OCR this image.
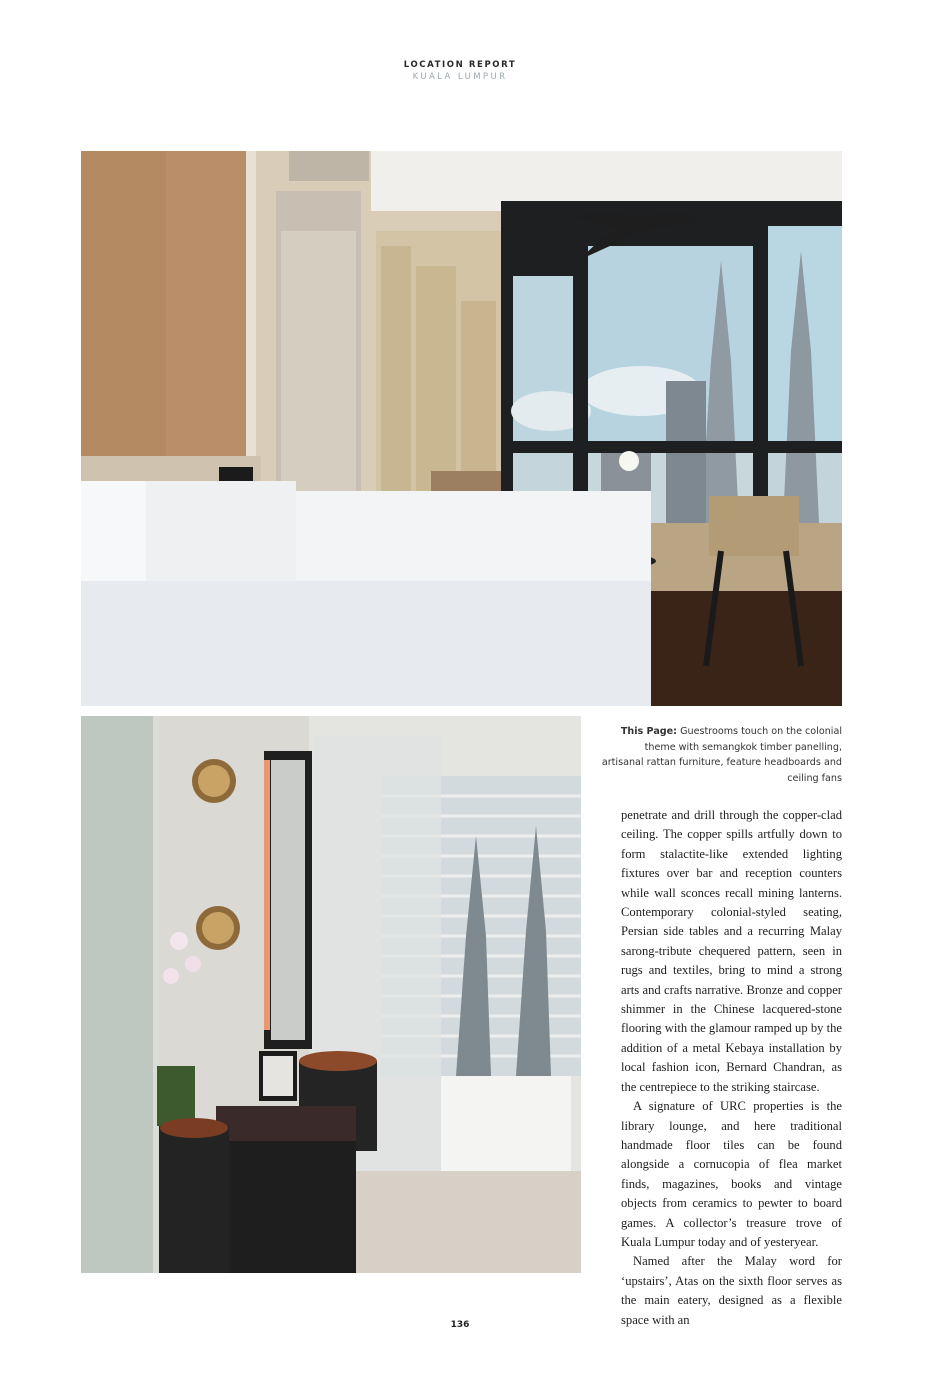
LOCATION REPORT
KUALA LUMPUR
This Page: Guestrooms touch on the colonial theme with semangkok timber panelling, artisanal rattan furniture, feature headboards and ceiling fans

penetrate and drill through the copper-clad ceiling. The copper spills artfully down to form stalactite-like extended lighting fixtures over bar and reception counters while wall sconces recall mining lanterns. Contemporary colonial-styled seating, Persian side tables and a recurring Malay sarong-tribute chequered pattern, seen in rugs and textiles, bring to mind a strong arts and crafts narrative. Bronze and copper shimmer in the Chinese lacquered-stone flooring with the glamour ramped up by the addition of a metal Kebaya installation by local fashion icon, Bernard Chandran, as the centrepiece to the striking staircase.

A signature of URC properties is the library lounge, and here traditional handmade floor tiles can be found alongside a cornucopia of flea market finds, magazines, books and vintage objects from ceramics to pewter to board games. A collector’s treasure trove of Kuala Lumpur today and of yesteryear.

Named after the Malay word for ‘upstairs’, Atas on the sixth floor serves as the main eatery, designed as a flexible space with an

136
